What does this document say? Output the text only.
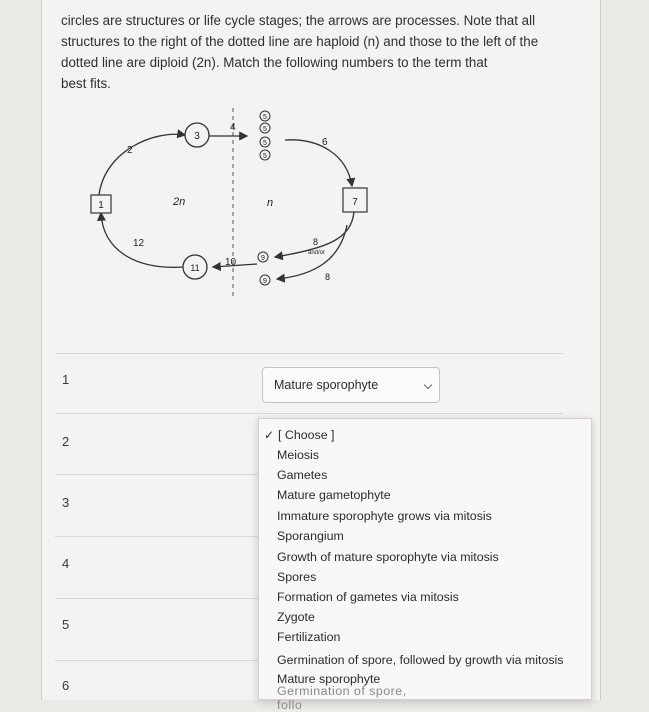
circles are structures or life cycle stages; the arrows are processes. Note that all

structures to the right of the dotted line are haploid (n) and those to the left of the

dotted line are diploid (2n). Match the following numbers to the term that

best fits.

1
3
5
5
5
5
7
9
9
11
2
4
6
8
and/or
8
10
12
2n	n
1
2
3
4
5
6
Mature sporophyte
✓ [ Choose ]
Meiosis
Gametes
Mature gametophyte
Immature sporophyte grows via mitosis
Sporangium
Growth of mature sporophyte via mitosis
Spores
Formation of gametes via mitosis
Zygote
Fertilization
Germination of spore, followed by growth via mitosis
Mature sporophyte
Germination of spore, follo
